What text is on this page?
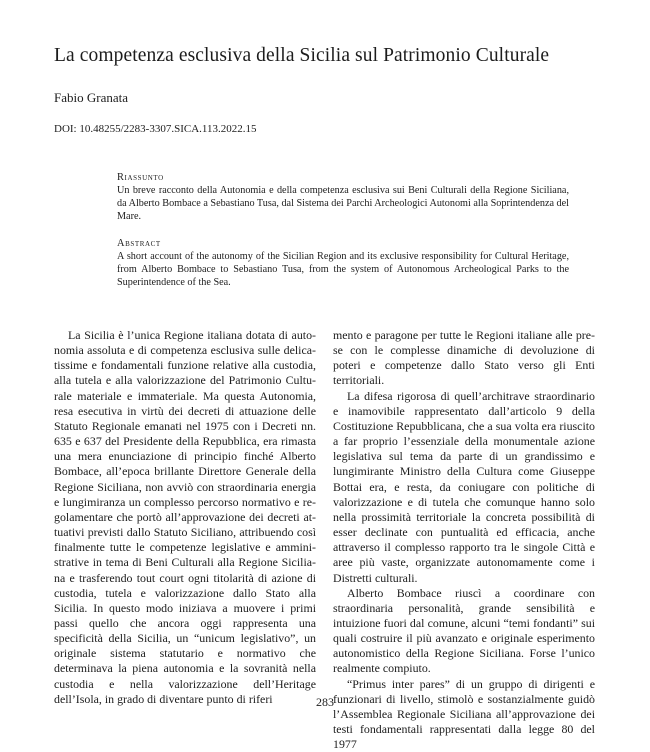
La competenza esclusiva della Sicilia sul Patrimonio Culturale
Fabio Granata
DOI: 10.48255/2283-3307.SICA.113.2022.15
Riassunto
Un breve racconto della Autonomia e della competenza esclusiva sui Beni Culturali della Regione Siciliana, da Alberto Bombace a Sebastiano Tusa, dal Sistema dei Parchi Archeologici Autonomi alla Soprintendenza del Mare.
Abstract
A short account of the autonomy of the Sicilian Region and its exclusive responsibility for Cultural Heritage, from Alberto Bombace to Sebastiano Tusa, from the system of Autonomous Archeological Parks to the Superintendence of the Sea.

La Sicilia è l’unica Regione italiana dotata di autonomia assoluta e di competenza esclusiva sulle delicatissime e fondamentali funzione relative alla custodia, alla tutela e alla valorizzazione del Patrimonio Culturale materiale e immateriale. Ma questa Autonomia, resa esecutiva in virtù dei decreti di attuazione delle Statuto Regionale emanati nel 1975 con i Decreti nn. 635 e 637 del Presidente della Repubblica, era rimasta una mera enunciazione di principio finché Alberto Bombace, all’epoca brillante Direttore Generale della Regione Siciliana, non avviò con straordinaria energia e lungimiranza un complesso percorso normativo e regolamentare che portò all’approvazione dei decreti attuativi previsti dallo Statuto Siciliano, attribuendo così finalmente tutte le competenze legislative e amministrative in tema di Beni Culturali alla Regione Siciliana e trasferendo tout court ogni titolarità di azione di custodia, tutela e valorizzazione dallo Stato alla Sicilia. In questo modo iniziava a muovere i primi passi quello che ancora oggi rappresenta una specificità della Sicilia, un “unicum legislativo”, un originale sistema statutario e normativo che determinava la piena autonomia e la sovranità nella custodia e nella valorizzazione dell’Heritage dell’Isola, in grado di diventare punto di riferi

mento e paragone per tutte le Regioni italiane alle prese con le complesse dinamiche di devoluzione di poteri e competenze dallo Stato verso gli Enti territoriali.

La difesa rigorosa di quell’architrave straordinario e inamovibile rappresentato dall’articolo 9 della Costituzione Repubblicana, che a sua volta era riuscito a far proprio l’essenziale della monumentale azione legislativa sul tema da parte di un grandissimo e lungimirante Ministro della Cultura come Giuseppe Bottai era, e resta, da coniugare con politiche di valorizzazione e di tutela che comunque hanno solo nella prossimità territoriale la concreta possibilità di esser declinate con puntualità ed efficacia, anche attraverso il complesso rapporto tra le singole Città e aree più vaste, organizzate autonomamente come i Distretti culturali.

Alberto Bombace riuscì a coordinare con straordinaria personalità, grande sensibilità e intuizione fuori dal comune, alcuni “temi fondanti” sui quali costruire il più avanzato e originale esperimento autonomistico della Regione Siciliana. Forse l’unico realmente compiuto.

“Primus inter pares” di un gruppo di dirigenti e funzionari di livello, stimolò e sostanzialmente guidò l’Assemblea Regionale Siciliana all’approvazione dei testi fondamentali rappresentati dalla legge 80 del 1977

283
